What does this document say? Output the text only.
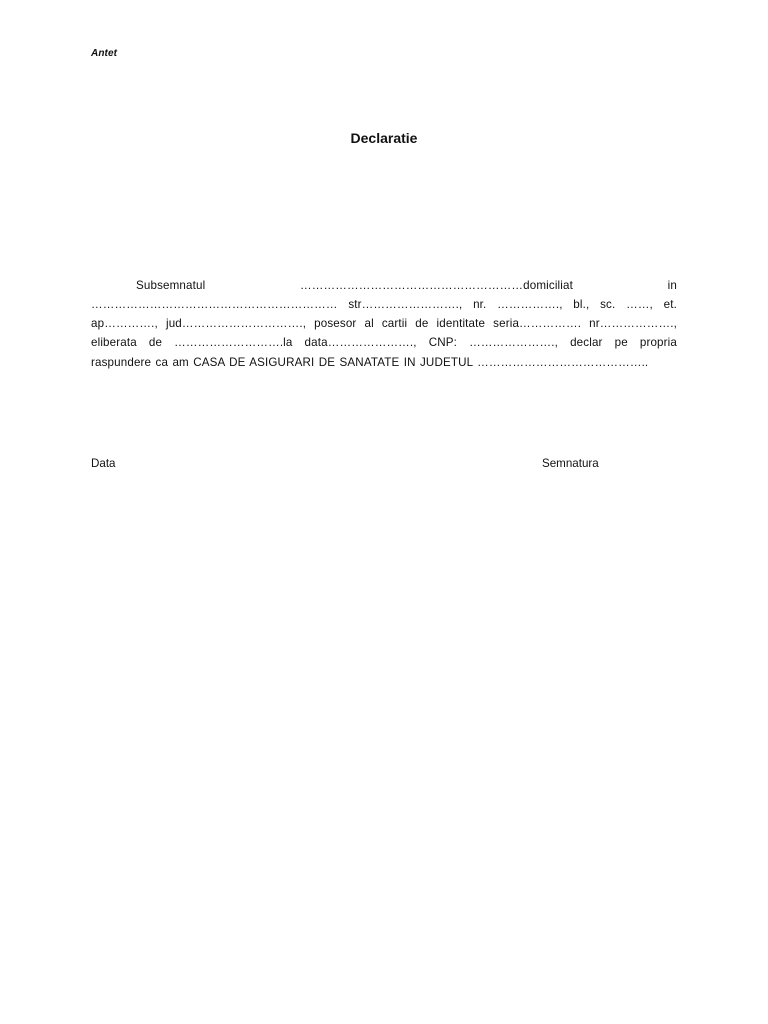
Antet
Declaratie

Subsemnatul …………………………………………………domiciliat in ……………………………………………………… str……………………., nr. ……………., bl., sc. ……, et. ap…………., jud…………………………., posesor al cartii de identitate seria……………. nr………………., eliberata de ……………………….la data…………………., CNP: …………………., declar pe propria raspundere ca am CASA DE ASIGURARI DE SANATATE IN JUDETUL ……………………………………..

Data	Semnatura
